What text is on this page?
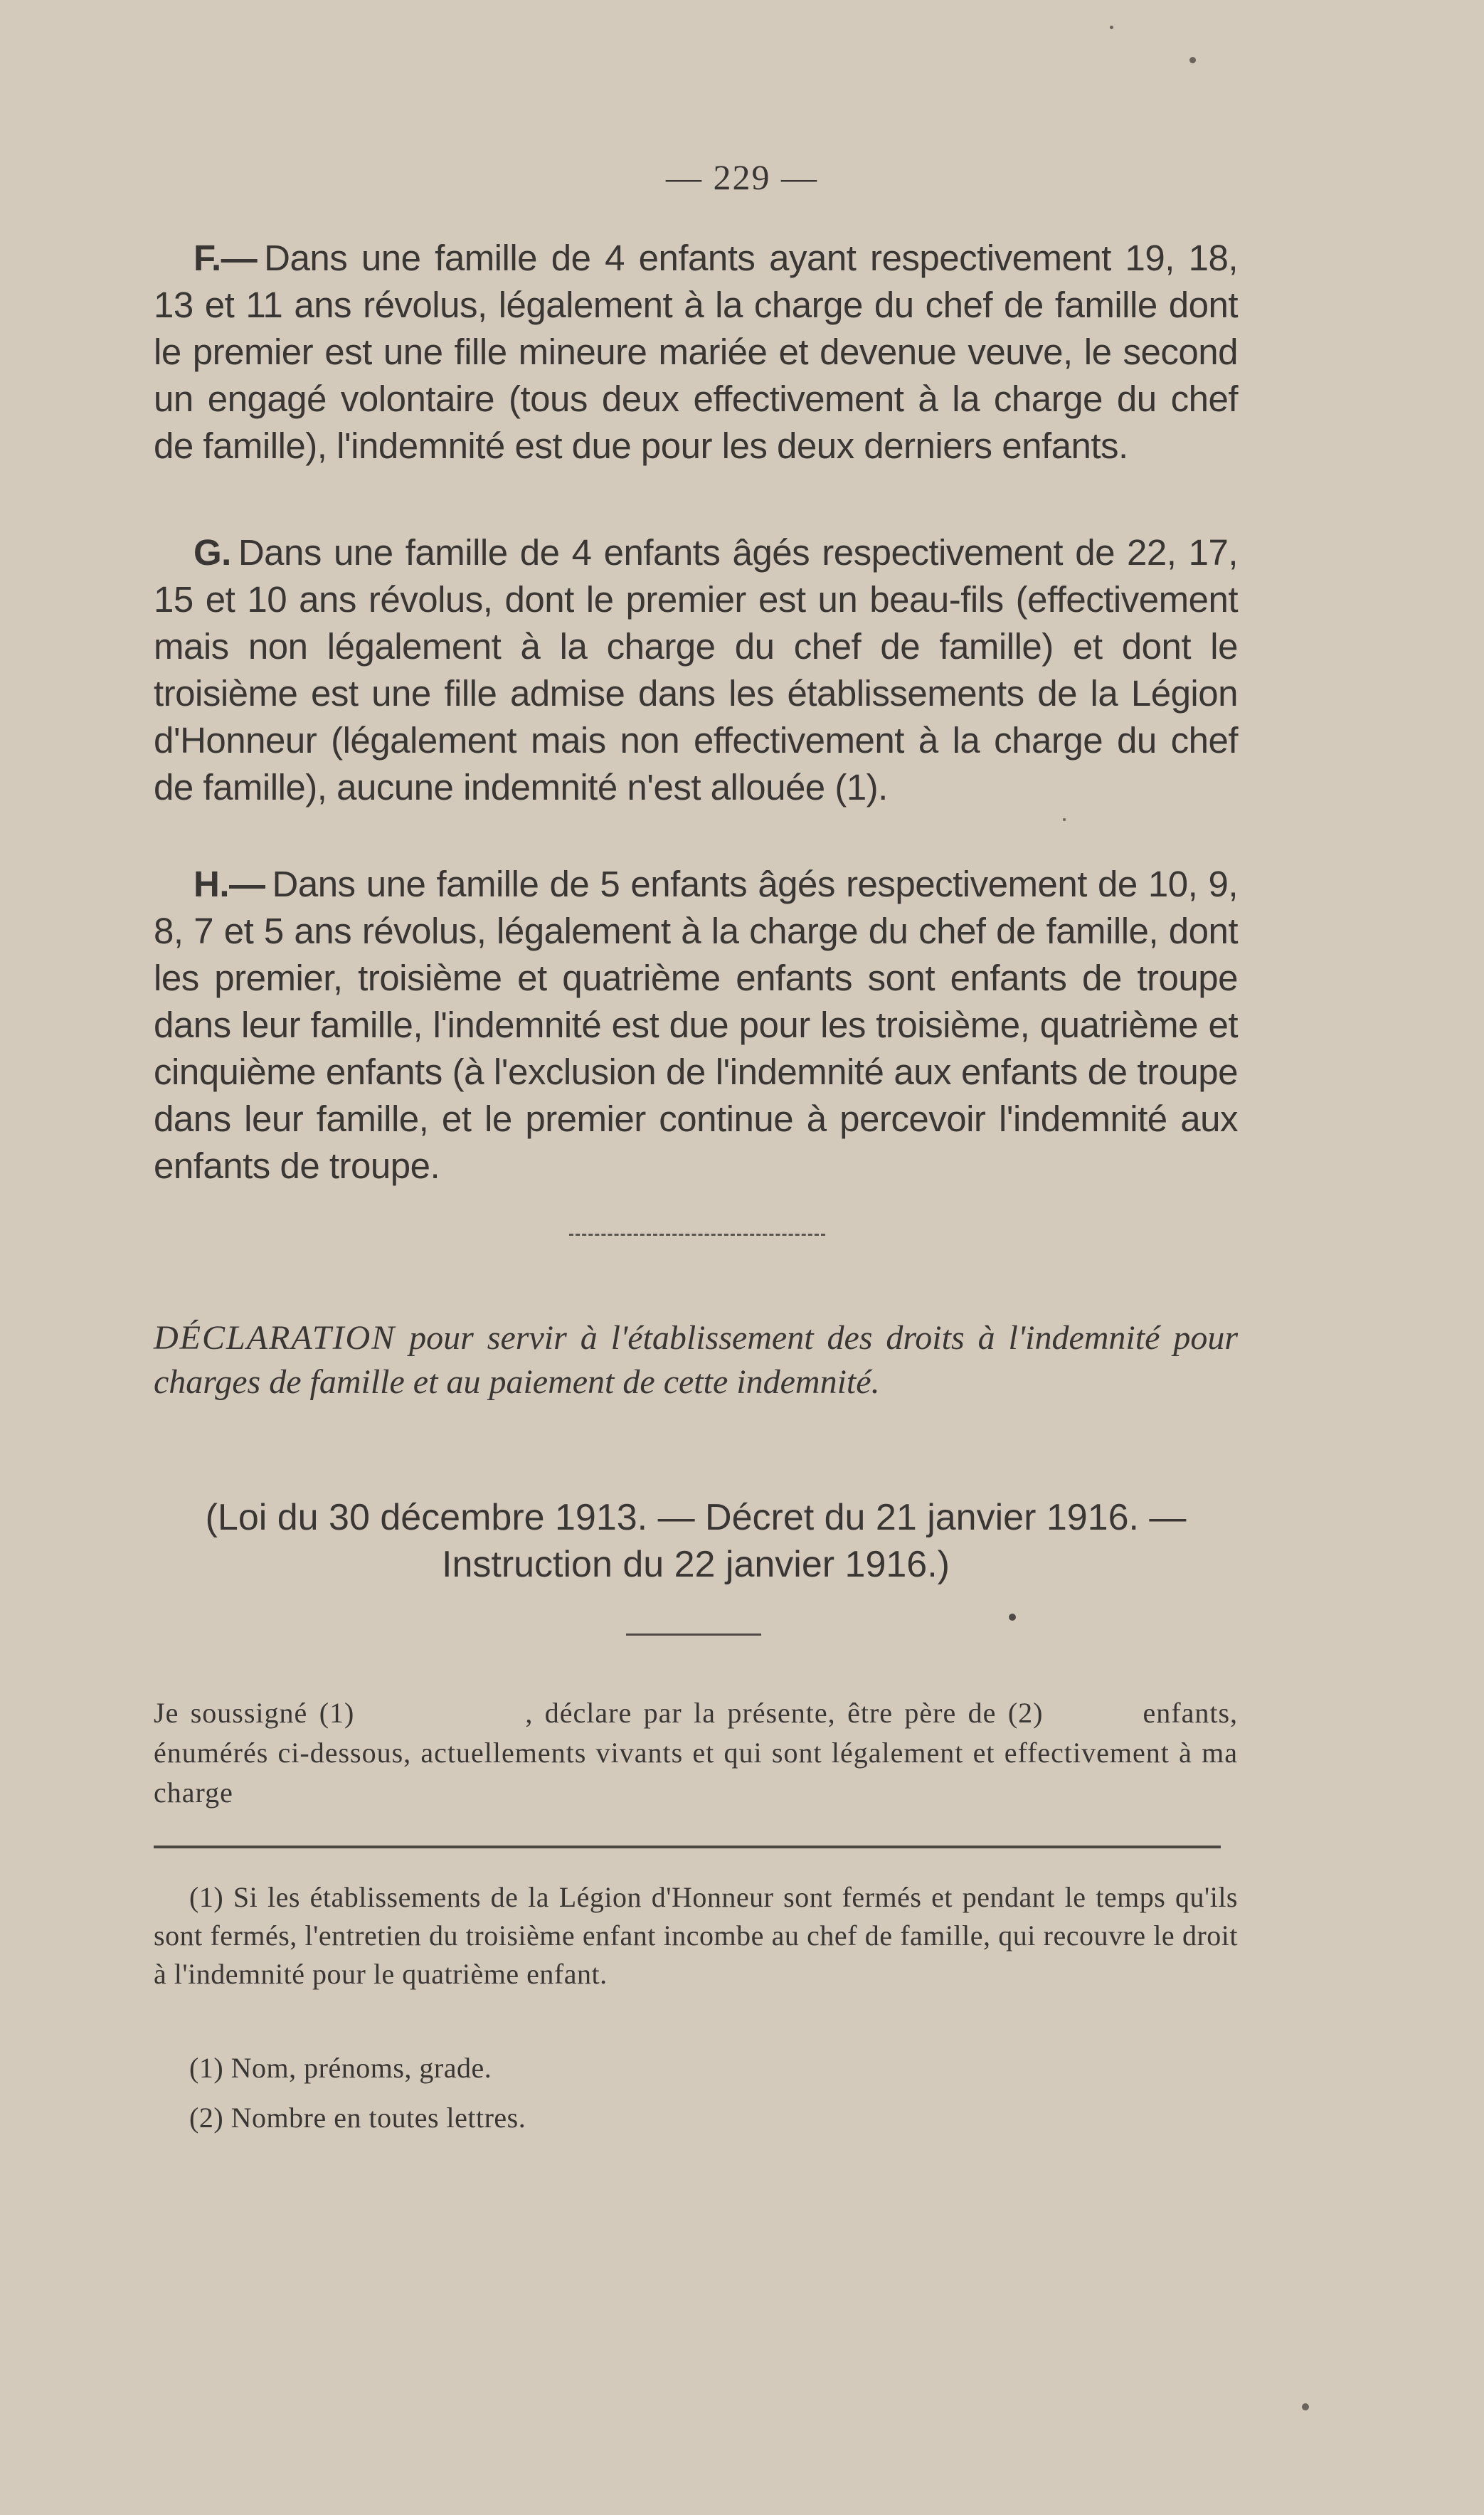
— 229 —
F.— Dans une famille de 4 enfants ayant respectivement 19, 18, 13 et 11 ans révolus, légalement à la charge du chef de famille dont le premier est une fille mineure mariée et devenue veuve, le second un engagé volontaire (tous deux effectivement à la charge du chef de famille), l'indemnité est due pour les deux derniers enfants.
G. Dans une famille de 4 enfants âgés respectivement de 22, 17, 15 et 10 ans révolus, dont le premier est un beau-fils (effectivement mais non légalement à la charge du chef de famille) et dont le troisième est une fille admise dans les établissements de la Légion d'Honneur (légalement mais non effectivement à la charge du chef de famille), aucune indemnité n'est allouée (1).
H.— Dans une famille de 5 enfants âgés respectivement de 10, 9, 8, 7 et 5 ans révolus, légalement à la charge du chef de famille, dont les premier, troisième et quatrième enfants sont enfants de troupe dans leur famille, l'indemnité est due pour les troisième, quatrième et cinquième enfants (à l'exclusion de l'indemnité aux enfants de troupe dans leur famille, et le premier continue à percevoir l'indemnité aux enfants de troupe.
DÉCLARATION pour servir à l'établissement des droits à l'indemnité pour charges de famille et au paiement de cette indemnité.
(Loi du 30 décembre 1913. — Décret du 21 janvier 1916. —
Instruction du 22 janvier 1916.)
Je soussigné (1)	, déclare par la présente, être père de (2)	enfants, énumérés ci-dessous, actuellements vivants et qui sont légalement et effectivement à ma charge
(1) Si les établissements de la Légion d'Honneur sont fermés et pendant le temps qu'ils sont fermés, l'entretien du troisième enfant incombe au chef de famille, qui recouvre le droit à l'indemnité pour le quatrième enfant.
(1) Nom, prénoms, grade.
(2) Nombre en toutes lettres.
